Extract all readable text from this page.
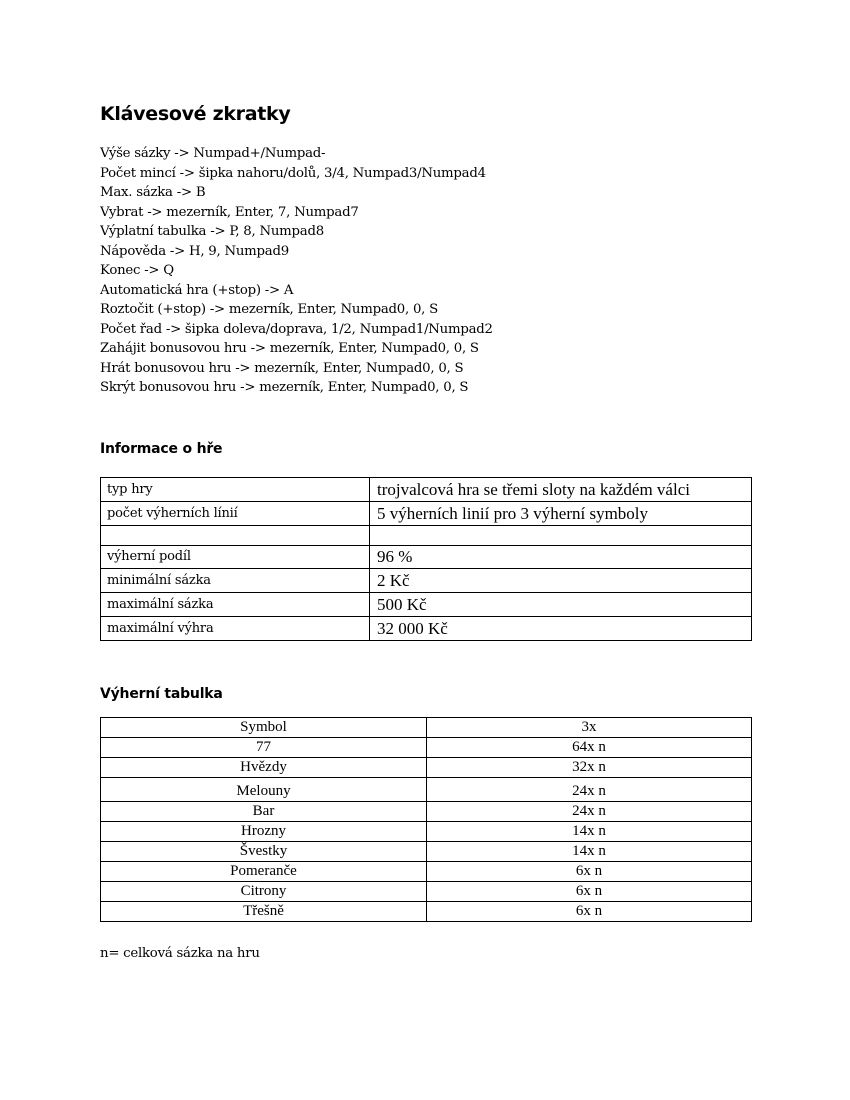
Klávesové zkratky
Výše sázky -> Numpad+/Numpad-
Počet mincí -> šipka nahoru/dolů, 3/4, Numpad3/Numpad4
Max. sázka -> B
Vybrat -> mezerník, Enter, 7, Numpad7
Výplatní tabulka -> P, 8, Numpad8
Nápověda -> H, 9, Numpad9
Konec -> Q
Automatická hra (+stop) -> A
Roztočit (+stop) -> mezerník, Enter, Numpad0, 0, S
Počet řad -> šipka doleva/doprava, 1/2, Numpad1/Numpad2
Zahájit bonusovou hru -> mezerník, Enter, Numpad0, 0, S
Hrát bonusovou hru -> mezerník, Enter, Numpad0, 0, S
Skrýt bonusovou hru -> mezerník, Enter, Numpad0, 0, S
Informace o hře
typ hry	trojvalcová hra se třemi sloty na každém válci
počet výherních línií	5 výherních linií pro 3 výherní symboly

výherní podíl	96 %
minimální sázka	2 Kč
maximální sázka	500 Kč
maximální výhra	32 000 Kč
Výherní tabulka
Symbol	3x
77	64x n
Hvězdy	32x n
Melouny	24x n
Bar	24x n
Hrozny	14x n
Švestky	14x n
Pomeranče	6x n
Citrony	6x n
Třešně	6x n
n= celková sázka na hru
